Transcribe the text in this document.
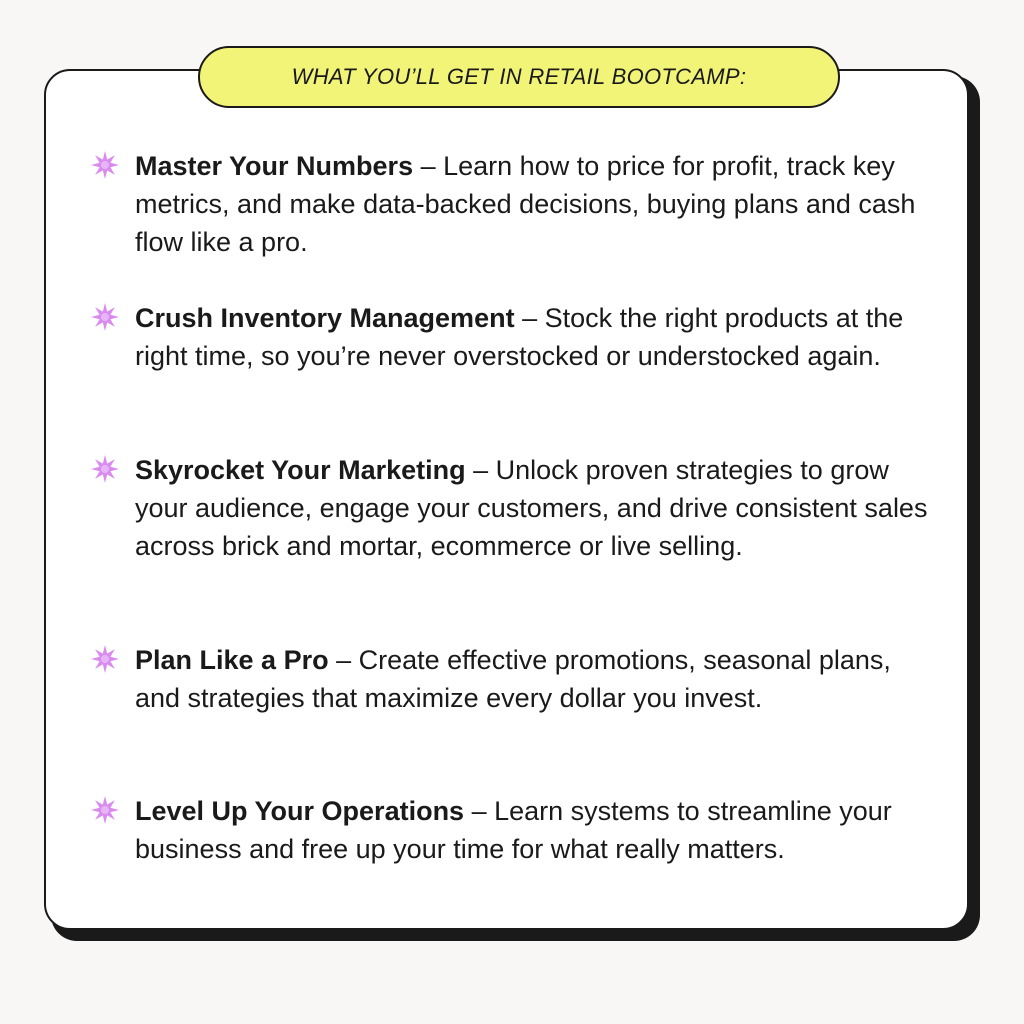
WHAT YOU’LL GET IN RETAIL BOOTCAMP:
Master Your Numbers – Learn how to price for profit, track key metrics, and make data-backed decisions, buying plans and cash flow like a pro.
Crush Inventory Management – Stock the right products at the right time, so you’re never overstocked or understocked again.
Skyrocket Your Marketing – Unlock proven strategies to grow your audience, engage your customers, and drive consistent sales across brick and mortar, ecommerce or live selling.
Plan Like a Pro – Create effective promotions, seasonal plans, and strategies that maximize every dollar you invest.
Level Up Your Operations – Learn systems to streamline your business and free up your time for what really matters.
